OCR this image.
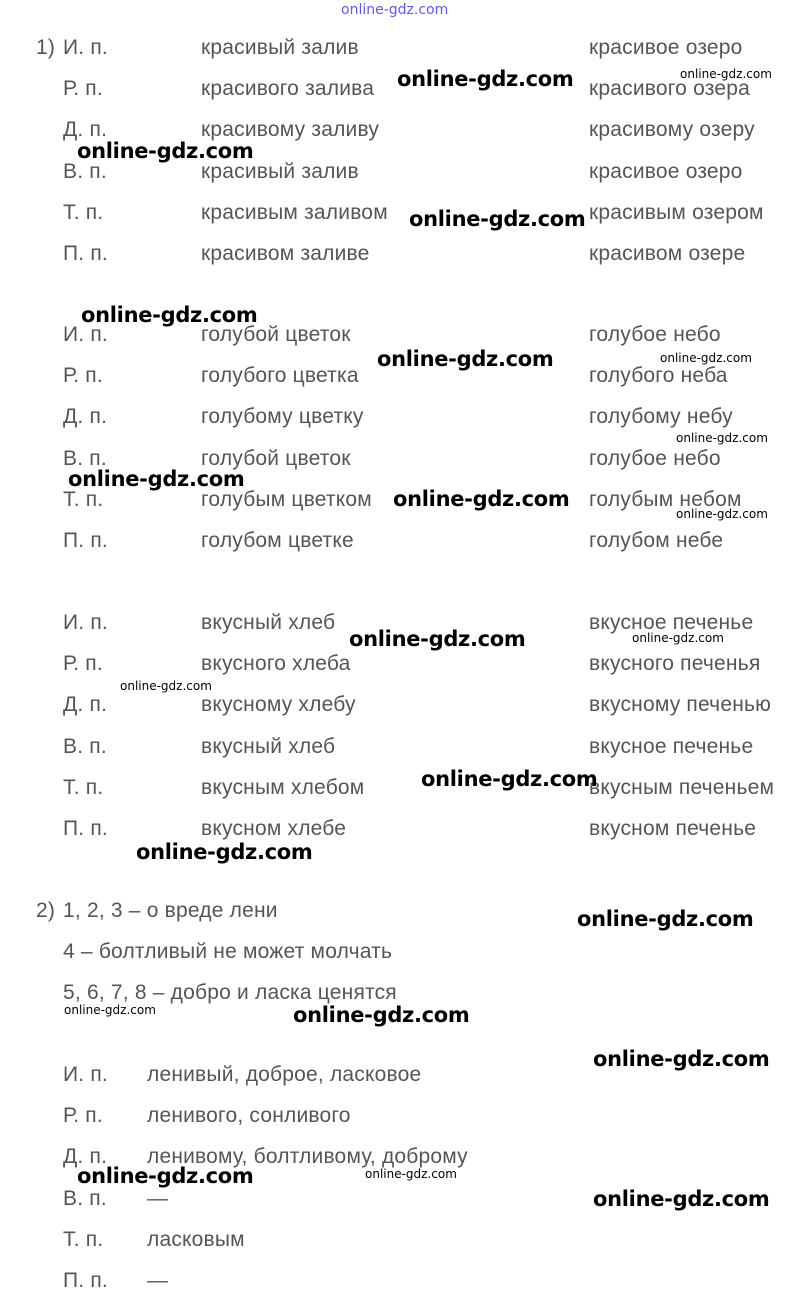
online-gdz.com
1) И. п.	красивый залив	красивое озеро
Р. п.	красивого залива	красивого озера
Д. п.	красивому заливу	красивому озеру
В. п.	красивый залив	красивое озеро
Т. п.	красивым заливом	красивым озером
П. п.	красивом заливе	красивом озере
И. п.	голубой цветок	голубое небо
Р. п.	голубого цветка	голубого неба
Д. п.	голубому цветку	голубому небу
В. п.	голубой цветок	голубое небо
Т. п.	голубым цветком	голубым небом
П. п.	голубом цветке	голубом небе
И. п.	вкусный хлеб	вкусное печенье
Р. п.	вкусного хлеба	вкусного печенья
Д. п.	вкусному хлебу	вкусному печенью
В. п.	вкусный хлеб	вкусное печенье
Т. п.	вкусным хлебом	вкусным печеньем
П. п.	вкусном хлебе	вкусном печенье
2) 1, 2, 3 – о вреде лени
4 – болтливый не может молчать
5, 6, 7, 8 – добро и ласка ценятся
И. п. ленивый, доброе, ласковое
Р. п. ленивого, сонливого
Д. п. ленивому, болтливому, доброму
В. п. —
Т. п. ласковым
П. п. —
online-gdz.com	online-gdz.com
online-gdz.com
online-gdz.com
online-gdz.com
online-gdz.com	online-gdz.com
online-gdz.com
online-gdz.com
online-gdz.com
online-gdz.com
online-gdz.com	online-gdz.com
online-gdz.com
online-gdz.com
online-gdz.com
online-gdz.com
online-gdz.com	online-gdz.com
online-gdz.com
online-gdz.com	online-gdz.com
online-gdz.com
